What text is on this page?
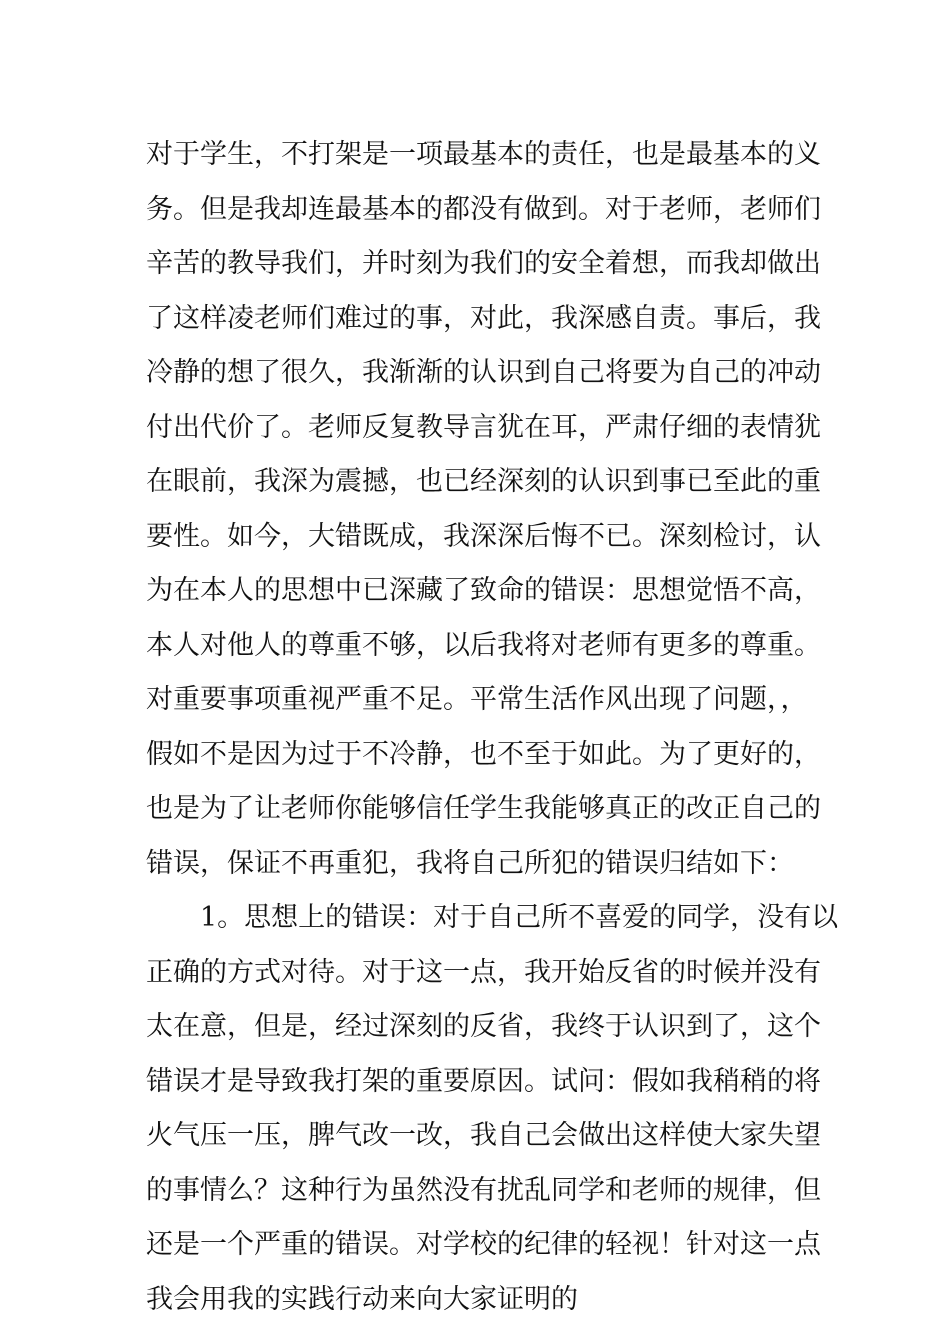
对于学生，不打架是一项最基本的责任，也是最基本的义
务。但是我却连最基本的都没有做到。对于老师，老师们
辛苦的教导我们，并时刻为我们的安全着想，而我却做出
了这样凌老师们难过的事，对此，我深感自责。事后，我
冷静的想了很久，我渐渐的认识到自己将要为自己的冲动
付出代价了。老师反复教导言犹在耳，严肃仔细的表情犹
在眼前，我深为震撼，也已经深刻的认识到事已至此的重
要性。如今，大错既成，我深深后悔不已。深刻检讨，认
为在本人的思想中已深藏了致命的错误：思想觉悟不高，
本人对他人的尊重不够，以后我将对老师有更多的尊重。
对重要事项重视严重不足。平常生活作风出现了问题，，
假如不是因为过于不冷静，也不至于如此。为了更好的，
也是为了让老师你能够信任学生我能够真正的改正自己的
错误，保证不再重犯，我将自己所犯的错误归结如下：
1。思想上的错误：对于自己所不喜爱的同学，没有以
正确的方式对待。对于这一点，我开始反省的时候并没有
太在意，但是，经过深刻的反省，我终于认识到了，这个
错误才是导致我打架的重要原因。试问：假如我稍稍的将
火气压一压，脾气改一改，我自己会做出这样使大家失望
的事情么？这种行为虽然没有扰乱同学和老师的规律，但
还是一个严重的错误。对学校的纪律的轻视！针对这一点
我会用我的实践行动来向大家证明的
